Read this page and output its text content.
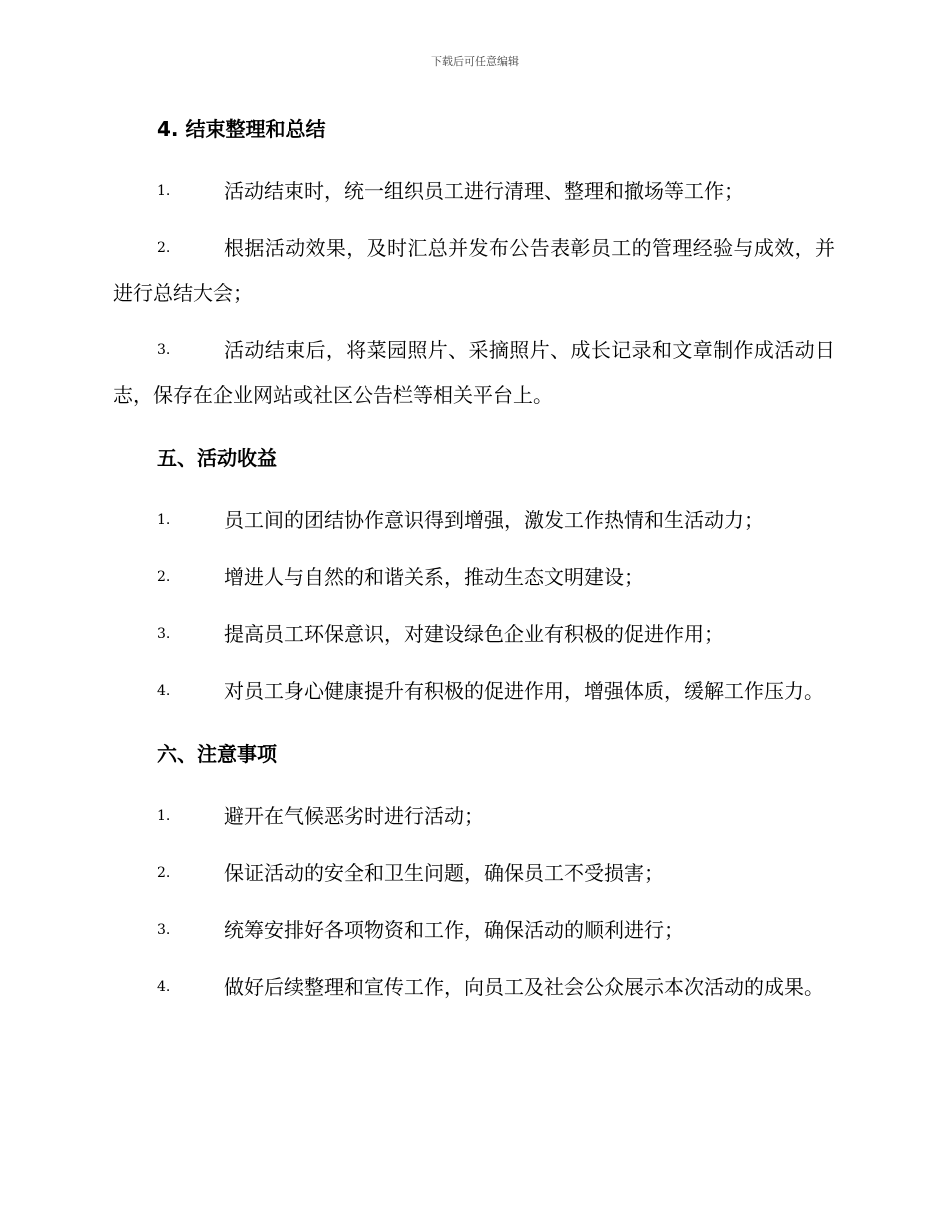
下载后可任意编辑
4. 结束整理和总结
1.	活动结束时，统一组织员工进行清理、整理和撤场等工作；
2.	根据活动效果，及时汇总并发布公告表彰员工的管理经验与成效，并进行总结大会；
3.	活动结束后，将菜园照片、采摘照片、成长记录和文章制作成活动日志，保存在企业网站或社区公告栏等相关平台上。
五、活动收益
1.	员工间的团结协作意识得到增强，激发工作热情和生活动力；
2.	增进人与自然的和谐关系，推动生态文明建设；
3.	提高员工环保意识，对建设绿色企业有积极的促进作用；
4.	对员工身心健康提升有积极的促进作用，增强体质，缓解工作压力。
六、注意事项
1.	避开在气候恶劣时进行活动；
2.	保证活动的安全和卫生问题，确保员工不受损害；
3.	统筹安排好各项物资和工作，确保活动的顺利进行；
4.	做好后续整理和宣传工作，向员工及社会公众展示本次活动的成果。
